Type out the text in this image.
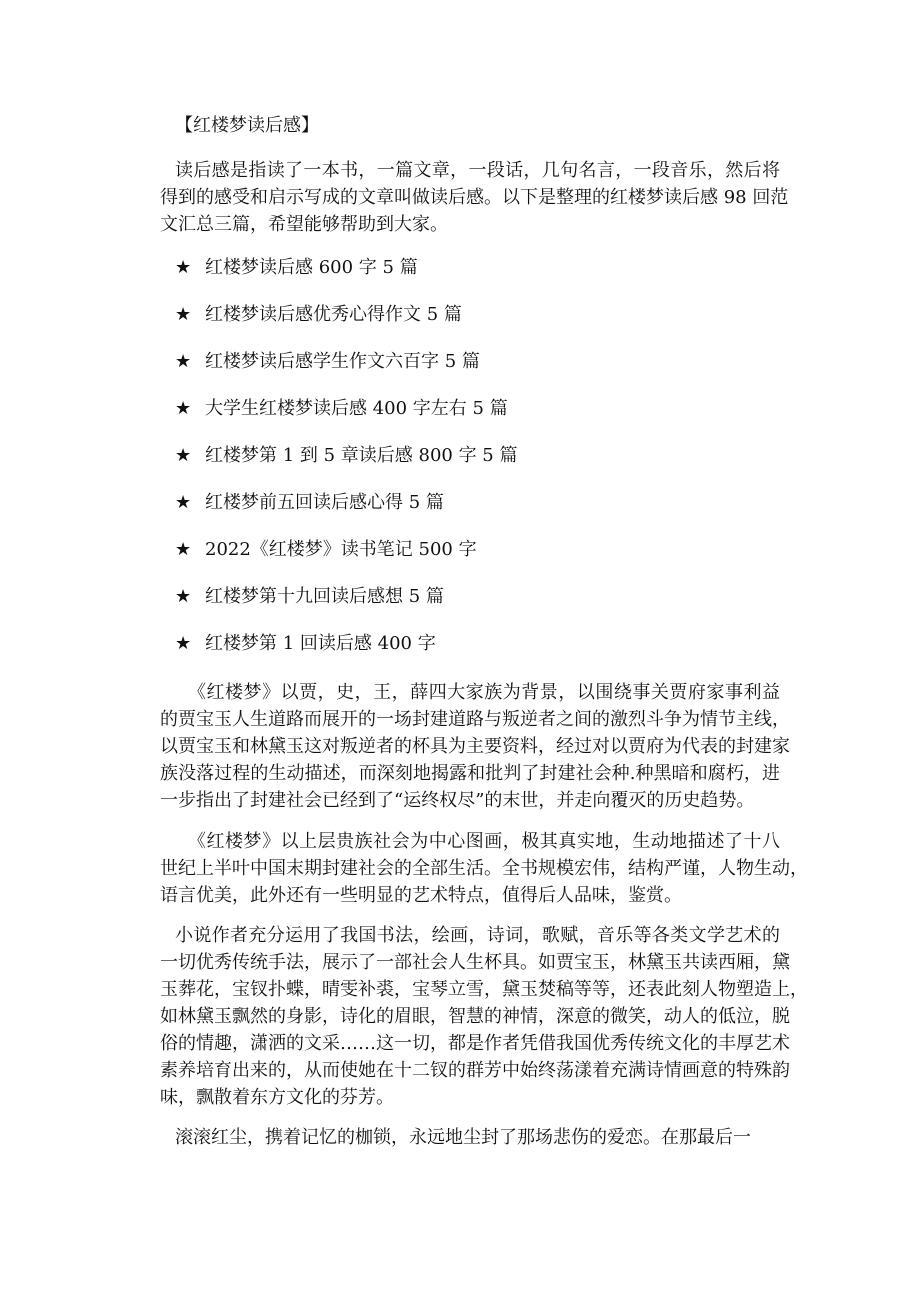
【红楼梦读后感】
读后感是指读了一本书，一篇文章，一段话，几句名言，一段音乐，然后将
得到的感受和启示写成的文章叫做读后感。以下是整理的红楼梦读后感 98 回范
文汇总三篇，希望能够帮助到大家。
★ 红楼梦读后感 600 字 5 篇
★ 红楼梦读后感优秀心得作文 5 篇
★ 红楼梦读后感学生作文六百字 5 篇
★ 大学生红楼梦读后感 400 字左右 5 篇
★ 红楼梦第 1 到 5 章读后感 800 字 5 篇
★ 红楼梦前五回读后感心得 5 篇
★ 2022《红楼梦》读书笔记 500 字
★ 红楼梦第十九回读后感想 5 篇
★ 红楼梦第 1 回读后感 400 字
《红楼梦》以贾，史，王，薛四大家族为背景，以围绕事关贾府家事利益
的贾宝玉人生道路而展开的一场封建道路与叛逆者之间的激烈斗争为情节主线，
以贾宝玉和林黛玉这对叛逆者的杯具为主要资料，经过对以贾府为代表的封建家
族没落过程的生动描述，而深刻地揭露和批判了封建社会种.种黑暗和腐朽，进
一步指出了封建社会已经到了“运终权尽”的末世，并走向覆灭的历史趋势。
《红楼梦》以上层贵族社会为中心图画，极其真实地，生动地描述了十八
世纪上半叶中国末期封建社会的全部生活。全书规模宏伟，结构严谨，人物生动，
语言优美，此外还有一些明显的艺术特点，值得后人品味，鉴赏。
小说作者充分运用了我国书法，绘画，诗词，歌赋，音乐等各类文学艺术的
一切优秀传统手法，展示了一部社会人生杯具。如贾宝玉，林黛玉共读西厢，黛
玉葬花，宝钗扑蝶，晴雯补裘，宝琴立雪，黛玉焚稿等等，还表此刻人物塑造上，
如林黛玉飘然的身影，诗化的眉眼，智慧的神情，深意的微笑，动人的低泣，脱
俗的情趣，潇洒的文采……这一切，都是作者凭借我国优秀传统文化的丰厚艺术
素养培育出来的，从而使她在十二钗的群芳中始终荡漾着充满诗情画意的特殊韵
味，飘散着东方文化的芬芳。
滚滚红尘，携着记忆的枷锁，永远地尘封了那场悲伤的爱恋。在那最后一
